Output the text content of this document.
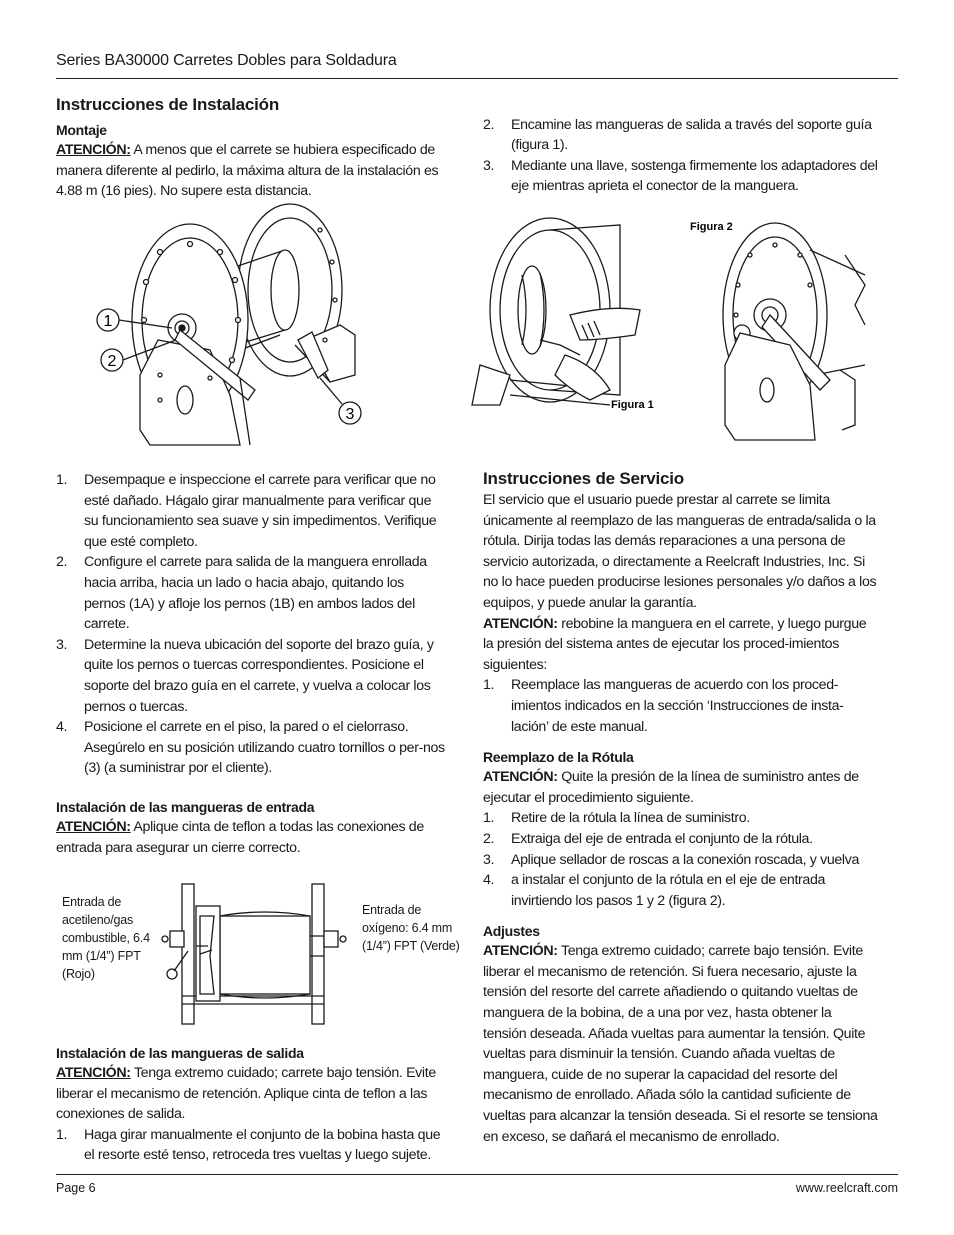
Series BA30000 Carretes Dobles para Soldadura
Instrucciones de Instalación
Montaje

ATENCIÓN: A menos que el carrete se hubiera especificado de manera diferente al pedirlo, la máxima altura de la instalación es 4.88 m (16 pies). No supere esta distancia.

1
2
3
1. Desempaque e inspeccione el carrete para verificar que no esté dañado. Hágalo girar manualmente para verificar que su funcionamiento sea suave y sin impedimentos. Verifique que esté completo.
2. Configure el carrete para salida de la manguera enrollada hacia arriba, hacia un lado o hacia abajo, quitando los pernos (1A) y afloje los pernos (1B) en ambos lados del carrete.
3. Determine la nueva ubicación del soporte del brazo guía, y quite los pernos o tuercas correspondientes. Posicione el soporte del brazo guía en el carrete, y vuelva a colocar los pernos o tuercas.
4. Posicione el carrete en el piso, la pared o el cielorraso. Asegúrelo en su posición utilizando cuatro tornillos o per-nos (3) (a suministrar por el cliente).
Instalación de las mangueras de entrada

ATENCIÓN: Aplique cinta de teflon a todas las conexiones de entrada para asegurar un cierre correcto.

Entrada de acetileno/gas combustible, 6.4 mm (1/4”) FPT (Rojo)
Entrada de oxígeno: 6.4 mm (1/4”) FPT (Verde)
Instalación de las mangueras de salida

ATENCIÓN: Tenga extremo cuidado; carrete bajo tensión. Evite liberar el mecanismo de retención. Aplique cinta de teflon a las conexiones de salida.

1. Haga girar manualmente el conjunto de la bobina hasta que el resorte esté tenso, retroceda tres vueltas y luego sujete.
2. Encamine las mangueras de salida a través del soporte guía (figura 1).
3. Mediante una llave, sostenga firmemente los adaptadores del eje mientras aprieta el conector de la manguera.
Figura 1
Figura 2
Instrucciones de Servicio

El servicio que el usuario puede prestar al carrete se limita únicamente al reemplazo de las mangueras de entrada/salida o la rótula. Dirija todas las demás reparaciones a una persona de servicio autorizada, o directamente a Reelcraft Industries, Inc. Si no lo hace pueden producirse lesiones personales y/o daños a los equipos, y puede anular la garantía.

ATENCIÓN: rebobine la manguera en el carrete, y luego purgue la presión del sistema antes de ejecutar los proced-imientos siguientes:

1. Reemplace las mangueras de acuerdo con los proced-imientos indicados en la sección ‘Instrucciones de insta-lación’ de este manual.
Reemplazo de la Rótula

ATENCIÓN: Quite la presión de la línea de suministro antes de ejecutar el procedimiento siguiente.

1. Retire de la rótula la línea de suministro.
2. Extraiga del eje de entrada el conjunto de la rótula.
3. Aplique sellador de roscas a la conexión roscada, y vuelva
4. a instalar el conjunto de la rótula en el eje de entrada invirtiendo los pasos 1 y 2 (figura 2).
Adjustes

ATENCIÓN: Tenga extremo cuidado; carrete bajo tensión. Evite liberar el mecanismo de retención. Si fuera necesario, ajuste la tensión del resorte del carrete añadiendo o quitando vueltas de manguera de la bobina, de a una por vez, hasta obtener la tensión deseada. Añada vueltas para aumentar la tensión. Quite vueltas para disminuir la tensión. Cuando añada vueltas de manguera, cuide de no superar la capacidad del resorte del mecanismo de enrollado. Añada sólo la cantidad suficiente de vueltas para alcanzar la tensión deseada. Si el resorte se tensiona en exceso, se dañará el mecanismo de enrollado.

Page 6	www.reelcraft.com
